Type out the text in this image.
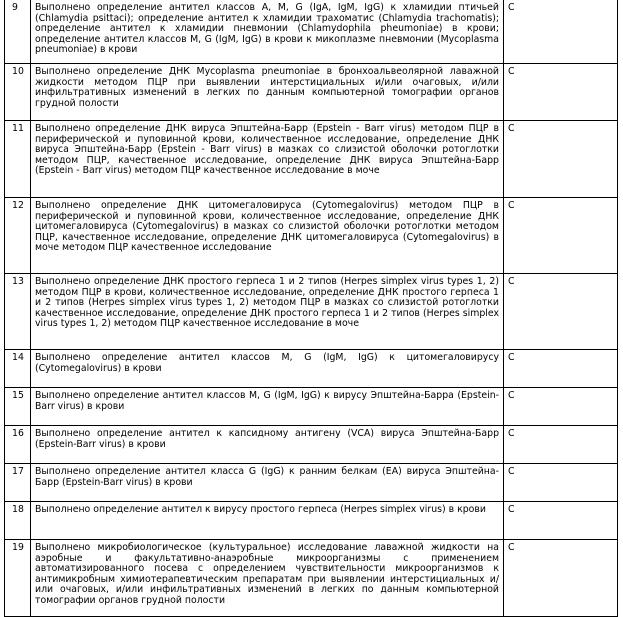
9	Выполнено определение антител классов A, M, G (IgA, IgM, IgG) к хламидии птичьей (Chlamydia psittaci); определение антител к хламидии трахоматис (Chlamydia trachomatis); определение антител к хламидии пневмонии (Chlamydophila pheumoniae) в крови; определение антител классов M, G (IgM, IgG) в крови к микоплазме пневмонии (Mycoplasma pneumoniae) в крови	С
10	Выполнено определение ДНК Mycoplasma pneumoniae в бронхоальвеолярной лаважной жидкости методом ПЦР при выявлении интерстициальных и/или очаговых, и/или инфильтративных изменений в легких по данным компьютерной томографии органов грудной полости	С
11	Выполнено определение ДНК вируса Эпштейна-Барр (Epstein - Barr virus) методом ПЦР в периферической и пуповинной крови, количественное исследование, определение ДНК вируса Эпштейна-Барр (Epstein - Barr virus) в мазках со слизистой оболочки ротоглотки методом ПЦР, качественное исследование, определение ДНК вируса Эпштейна-Барр (Epstein - Barr virus) методом ПЦР качественное исследование в моче	С
12	Выполнено определение ДНК цитомегаловируса (Cytomegalovirus) методом ПЦР в периферической и пуповинной крови, количественное исследование, определение ДНК цитомегаловируса (Cytomegalovirus) в мазках со слизистой оболочки ротоглотки методом ПЦР, качественное исследование, определение ДНК цитомегаловируса (Cytomegalovirus) в моче методом ПЦР качественное исследование	С
13	Выполнено определение ДНК простого герпеса 1 и 2 типов (Herpes simplex virus types 1, 2) методом ПЦР в крови, количественное исследование, определение ДНК простого герпеса 1 и 2 типов (Herpes simplex virus types 1, 2) методом ПЦР в мазках со слизистой ротоглотки качественное исследование, определение ДНК простого герпеса 1 и 2 типов (Herpes simplex virus types 1, 2) методом ПЦР качественное исследование в моче	С
14	Выполнено определение антител классов M, G (IgM, IgG) к цитомегаловирусу (Cytomegalovirus) в крови	С
15	Выполнено определение антител классов M, G (IgM, IgG) к вирусу Эпштейна-Барра (Epstein-Barr virus) в крови	С
16	Выполнено определение антител к капсидному антигену (VCA) вируса Эпштейна-Барр (Epstein-Barr virus) в крови	С
17	Выполнено определение антител класса G (IgG) к ранним белкам (EA) вируса Эпштейна-Барр (Epstein-Barr virus) в крови	С
18	Выполнено определение антител к вирусу простого герпеса (Herpes simplex virus) в крови	С
19	Выполнено микробиологическое (культуральное) исследование лаважной жидкости на аэробные и факультативно-анаэробные микроорганизмы с применением автоматизированного посева с определением чувствительности микроорганизмов к антимикробным химиотерапевтическим препаратам при выявлении интерстициальных и/или очаговых, и/или инфильтративных изменений в легких по данным компьютерной томографии органов грудной полости	С
